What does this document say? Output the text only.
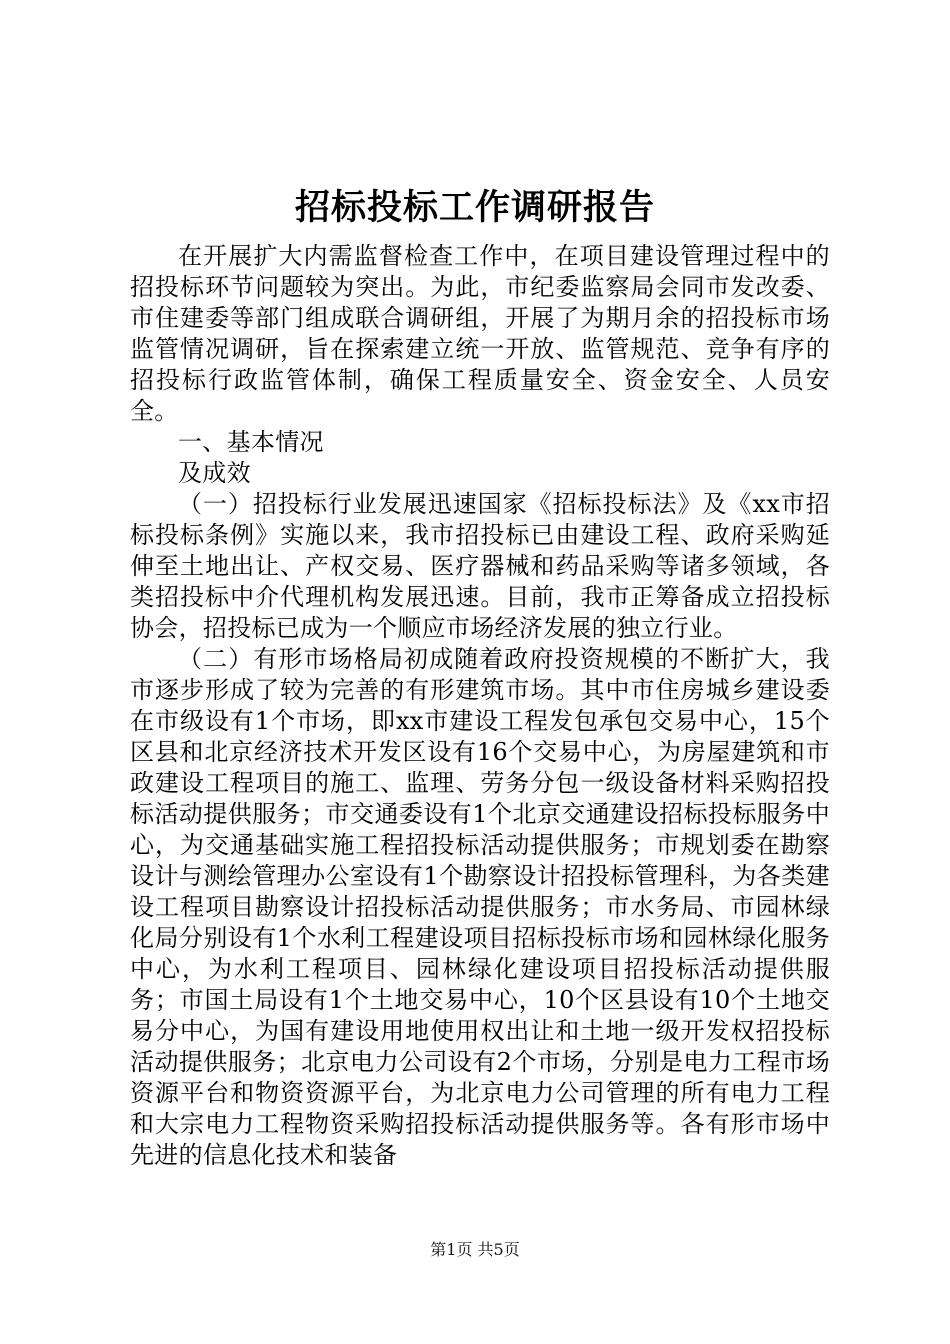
招标投标工作调研报告

在开展扩大内需监督检查工作中，在项目建设管理过程中的招投标环节问题较为突出。为此，市纪委监察局会同市发改委、市住建委等部门组成联合调研组，开展了为期月余的招投标市场监管情况调研，旨在探索建立统一开放、监管规范、竞争有序的招投标行政监管体制，确保工程质量安全、资金安全、人员安全。

一、基本情况

及成效

（一）招投标行业发展迅速国家《招标投标法》及《xx市招标投标条例》实施以来，我市招投标已由建设工程、政府采购延伸至土地出让、产权交易、医疗器械和药品采购等诸多领域，各类招投标中介代理机构发展迅速。目前，我市正筹备成立招投标协会，招投标已成为一个顺应市场经济发展的独立行业。

（二）有形市场格局初成随着政府投资规模的不断扩大，我市逐步形成了较为完善的有形建筑市场。其中市住房城乡建设委在市级设有1个市场，即xx市建设工程发包承包交易中心，15个区县和北京经济技术开发区设有16个交易中心，为房屋建筑和市政建设工程项目的施工、监理、劳务分包一级设备材料采购招投标活动提供服务；市交通委设有1个北京交通建设招标投标服务中心，为交通基础实施工程招投标活动提供服务；市规划委在勘察设计与测绘管理办公室设有1个勘察设计招投标管理科，为各类建设工程项目勘察设计招投标活动提供服务；市水务局、市园林绿化局分别设有1个水利工程建设项目招标投标市场和园林绿化服务中心，为水利工程项目、园林绿化建设项目招投标活动提供服务；市国土局设有1个土地交易中心，10个区县设有10个土地交易分中心，为国有建设用地使用权出让和土地一级开发权招投标活动提供服务；北京电力公司设有2个市场，分别是电力工程市场资源平台和物资资源平台，为北京电力公司管理的所有电力工程和大宗电力工程物资采购招投标活动提供服务等。各有形市场中先进的信息化技术和装备

第1页 共5页
